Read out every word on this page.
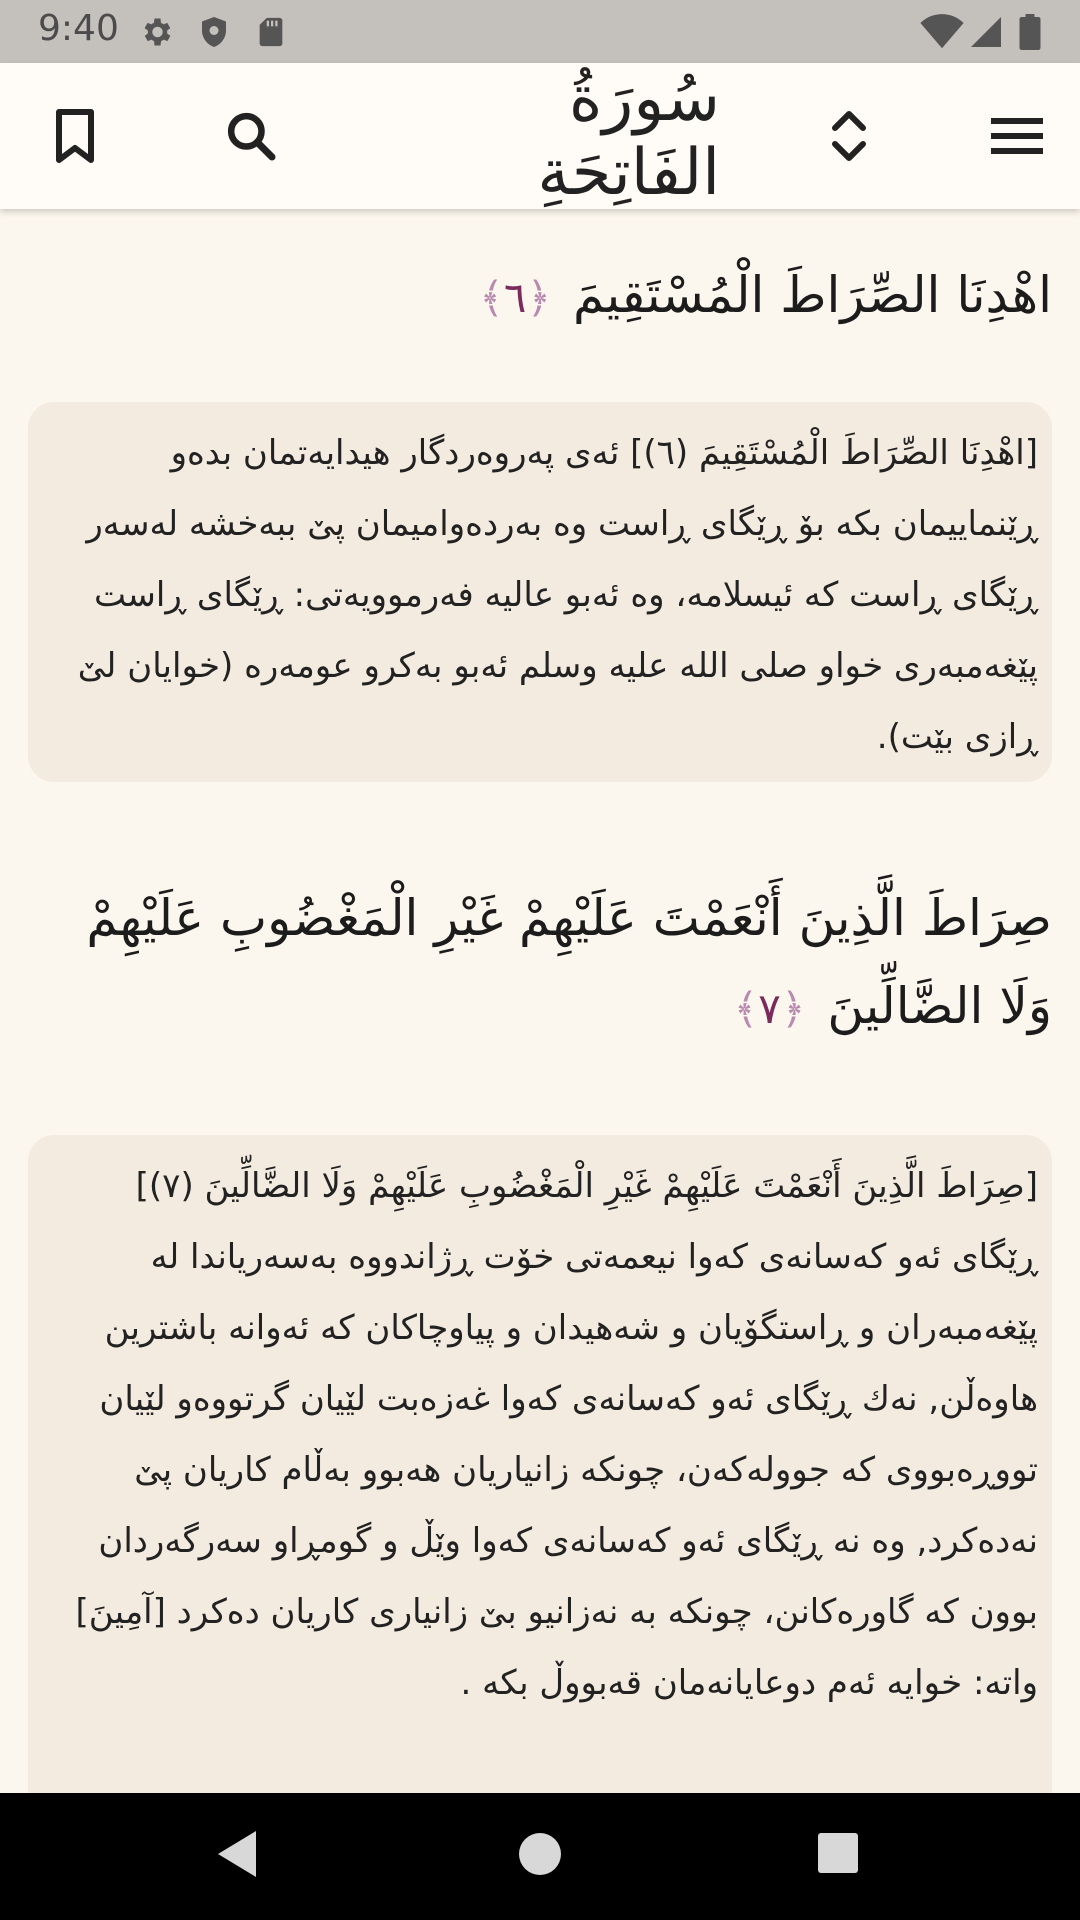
9:40
سُورَةُ الفَاتِحَةِ
اهْدِنَا الصِّرَاطَ الْمُسْتَقِيمَ ﴿٦﴾
[اهْدِنَا الصِّرَاطَ الْمُسْتَقِيمَ (٦)] ئەی پەروەردگار هیدایەتمان بدەو ڕێنماییمان بکە بۆ ڕێگای ڕاست وە بەردەوامیمان پێ ببەخشە لەسەر ڕێگای ڕاست کە ئیسلامە، وە ئەبو عالیە فەرموویەتی: ڕێگای ڕاست پێغەمبەری خواو صلى الله عليه وسلم ئەبو بەکرو عومەرە (خوایان لێ ڕازی بێت).
صِرَاطَ الَّذِينَ أَنْعَمْتَ عَلَيْهِمْ غَيْرِ الْمَغْضُوبِ عَلَيْهِمْ وَلَا الضَّالِّينَ ﴿٧﴾
[صِرَاطَ الَّذِينَ أَنْعَمْتَ عَلَيْهِمْ غَيْرِ الْمَغْضُوبِ عَلَيْهِمْ وَلَا الضَّالِّينَ (٧)] ڕێگای ئەو کەسانەی کەوا نیعمەتی خۆت ڕژاندووە بەسەریاندا لە پێغەمبەران و ڕاستگۆیان و شەهیدان و پیاوچاکان کە ئەوانە باشترین هاوەڵن, نەك ڕێگای ئەو کەسانەی کەوا غەزەبت لێیان گرتووەو لێیان تووڕەبووی کە جوولەکەن، چونکە زانیاریان هەبوو بەڵام کاریان پێ نەدەکرد, وە نە ڕێگای ئەو کەسانەی کەوا وێڵ و گومڕاو سەرگەردان بوون کە گاورەکانن، چونکە بە نەزانیو بێ زانیاری کاریان دەکرد [آمِينَ] واتە: خوایە ئەم دوعایانەمان قەبووڵ بکە .
